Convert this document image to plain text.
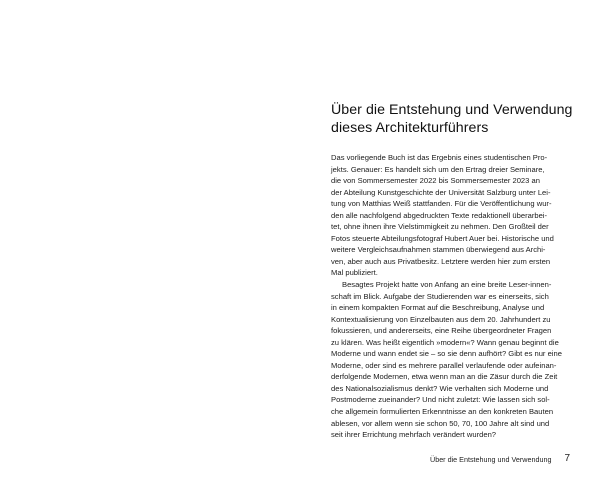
Über die Entstehung und Verwendung
dieses Architekturführers
Das vorliegende Buch ist das Ergebnis eines studentischen Pro-
jekts. Genauer: Es handelt sich um den Ertrag dreier Seminare,
die von Sommersemester 2022 bis Sommersemester 2023 an
der Abteilung Kunstgeschichte der Universität Salzburg unter Lei-
tung von Matthias Weiß stattfanden. Für die Veröffentlichung wur-
den alle nachfolgend abgedruckten Texte redaktionell überarbei-
tet, ohne ihnen ihre Vielstimmigkeit zu nehmen. Den Großteil der
Fotos steuerte Abteilungsfotograf Hubert Auer bei. Historische und
weitere Vergleichsaufnahmen stammen überwiegend aus Archi-
ven, aber auch aus Privatbesitz. Letztere werden hier zum ersten
Mal publiziert.
Besagtes Projekt hatte von Anfang an eine breite Leser-innen-
schaft im Blick. Aufgabe der Studierenden war es einerseits, sich
in einem kompakten Format auf die Beschreibung, Analyse und
Kontextualisierung von Einzelbauten aus dem 20. Jahrhundert zu
fokussieren, und andererseits, eine Reihe übergeordneter Fragen
zu klären. Was heißt eigentlich »modern«? Wann genau beginnt die
Moderne und wann endet sie – so sie denn aufhört? Gibt es nur eine
Moderne, oder sind es mehrere parallel verlaufende oder aufeinan-
derfolgende Modernen, etwa wenn man an die Zäsur durch die Zeit
des Nationalsozialismus denkt? Wie verhalten sich Moderne und
Postmoderne zueinander? Und nicht zuletzt: Wie lassen sich sol-
che allgemein formulierten Erkenntnisse an den konkreten Bauten
ablesen, vor allem wenn sie schon 50, 70, 100 Jahre alt sind und
seit ihrer Errichtung mehrfach verändert wurden?
Über die Entstehung und Verwendung	7
